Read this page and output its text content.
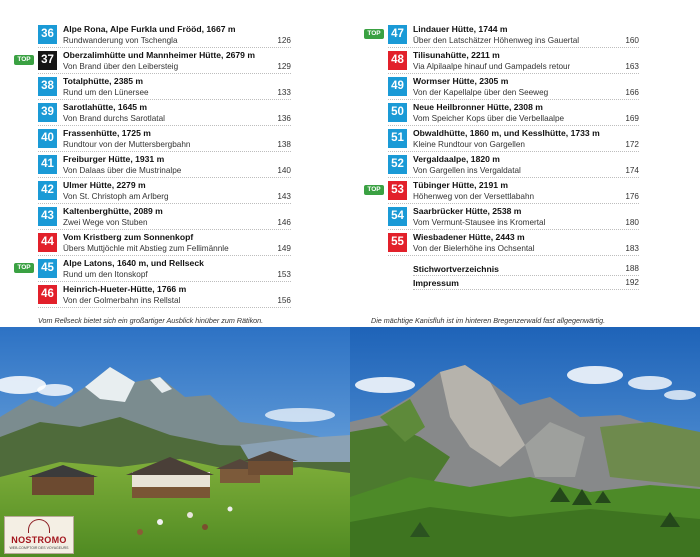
36	Alpe Rona, Alpe Furkla und Frööd, 1667 m
Rundwanderung von Tschengla	126
TOP 37	Oberzalimhütte und Mannheimer Hütte, 2679 m
Von Brand über den Leibersteig	129
38	Totalphütte, 2385 m
Rund um den Lünersee	133
39	Sarotlahütte, 1645 m
Von Brand durchs Sarotlatal	136
40	Frassenhütte, 1725 m
Rundtour von der Muttersbergbahn	138
41	Freiburger Hütte, 1931 m
Von Dalaas über die Mustrinalpe	140
42	Ulmer Hütte, 2279 m
Von St. Christoph am Arlberg	143
43	Kaltenberghütte, 2089 m
Zwei Wege von Stuben	146
44	Vom Kristberg zum Sonnenkopf
Übers Muttjöchle mit Abstieg zum Fellimännle	149
TOP 45	Alpe Latons, 1640 m, und Rellseck
Rund um den Itonskopf	153
46	Heinrich-Hueter-Hütte, 1766 m
Von der Golmerbahn ins Rellstal	156
TOP 47	Lindauer Hütte, 1744 m
Über den Latschätzer Höhenweg ins Gauertal	160
48	Tilisunahütte, 2211 m
Via Alpilaalpe hinauf und Gampadels retour	163
49	Wormser Hütte, 2305 m
Von der Kapellalpe über den Seeweg	166
50	Neue Heilbronner Hütte, 2308 m
Vom Speicher Kops über die Verbellaalpe	169
51	Obwaldhütte, 1860 m, und Kesslhütte, 1733 m
Kleine Rundtour von Gargellen	172
52	Vergaldaalpe, 1820 m
Von Gargellen ins Vergaldatal	174
TOP 53	Tübinger Hütte, 2191 m
Höhenweg von der Versettlabahn	176
54	Saarbrücker Hütte, 2538 m
Vom Vermunt-Stausee ins Kromertal	180
55	Wiesbadener Hütte, 2443 m
Von der Bielerhöhe ins Ochsental	183
Stichwortverzeichnis	188
Impressum	192
Vom Rellseck bietet sich ein großartiger Ausblick hinüber zum Rätikon.	Die mächtige Kanisfluh ist im hinteren Bregenzerwald fast allgegenwärtig.
NOSTROMO
WEB-COMPTOIR DES VOYAGEURS
